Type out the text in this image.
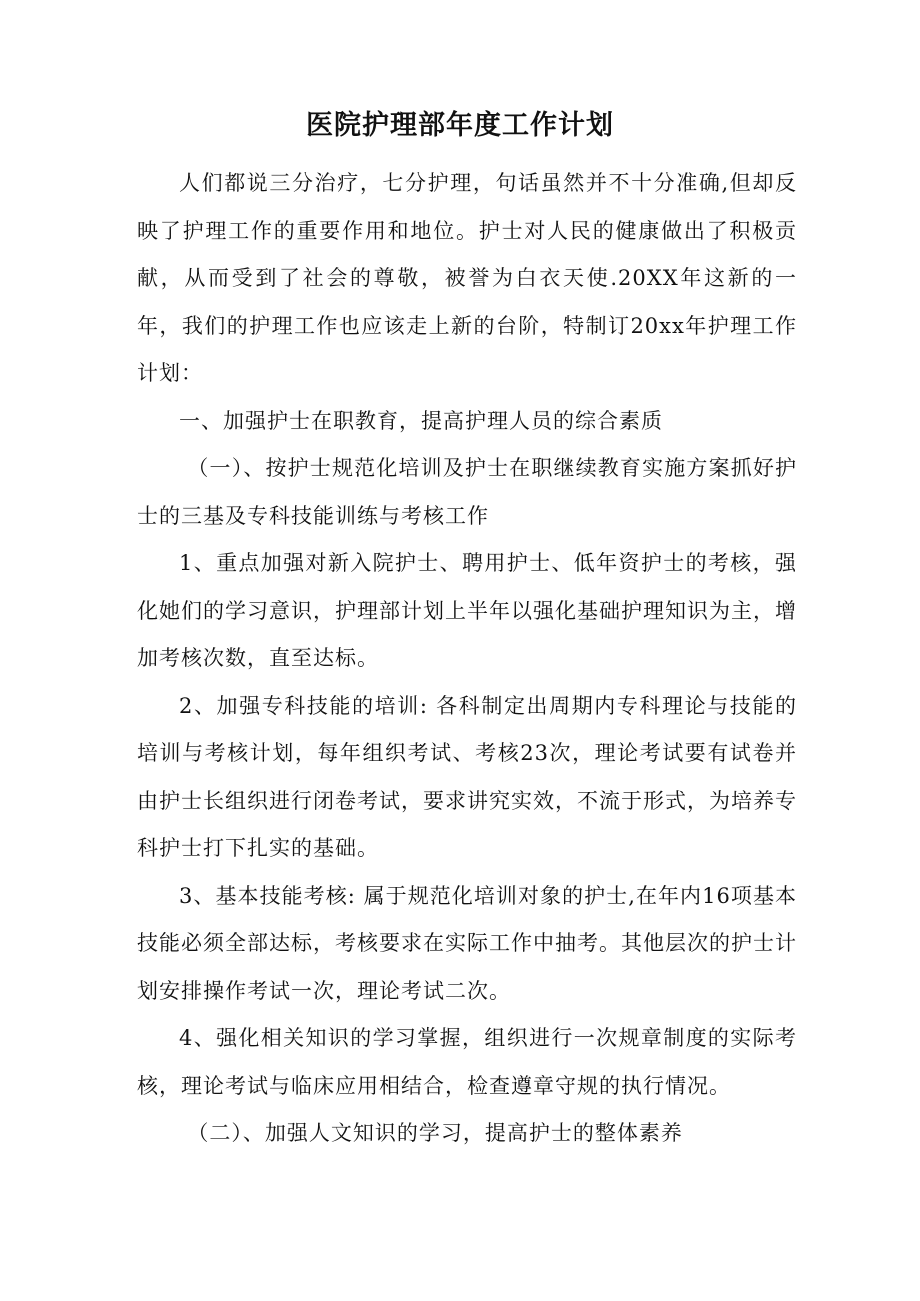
医院护理部年度工作计划

人们都说三分治疗，七分护理，句话虽然并不十分准确,但却反映了护理工作的重要作用和地位。护士对人民的健康做出了积极贡献，从而受到了社会的尊敬，被誉为白衣天使.20XX年这新的一年，我们的护理工作也应该走上新的台阶，特制订20xx年护理工作计划：

一、加强护士在职教育，提高护理人员的综合素质

（一）、按护士规范化培训及护士在职继续教育实施方案抓好护士的三基及专科技能训练与考核工作

1、重点加强对新入院护士、聘用护士、低年资护士的考核，强化她们的学习意识，护理部计划上半年以强化基础护理知识为主，增加考核次数，直至达标。

2、加强专科技能的培训: 各科制定出周期内专科理论与技能的培训与考核计划，每年组织考试、考核23次，理论考试要有试卷并由护士长组织进行闭卷考试，要求讲究实效，不流于形式，为培养专科护士打下扎实的基础。

3、基本技能考核: 属于规范化培训对象的护士,在年内16项基本技能必须全部达标，考核要求在实际工作中抽考。其他层次的护士计划安排操作考试一次，理论考试二次。

4、强化相关知识的学习掌握，组织进行一次规章制度的实际考核，理论考试与临床应用相结合，检查遵章守规的执行情况。

（二）、加强人文知识的学习，提高护士的整体素养
